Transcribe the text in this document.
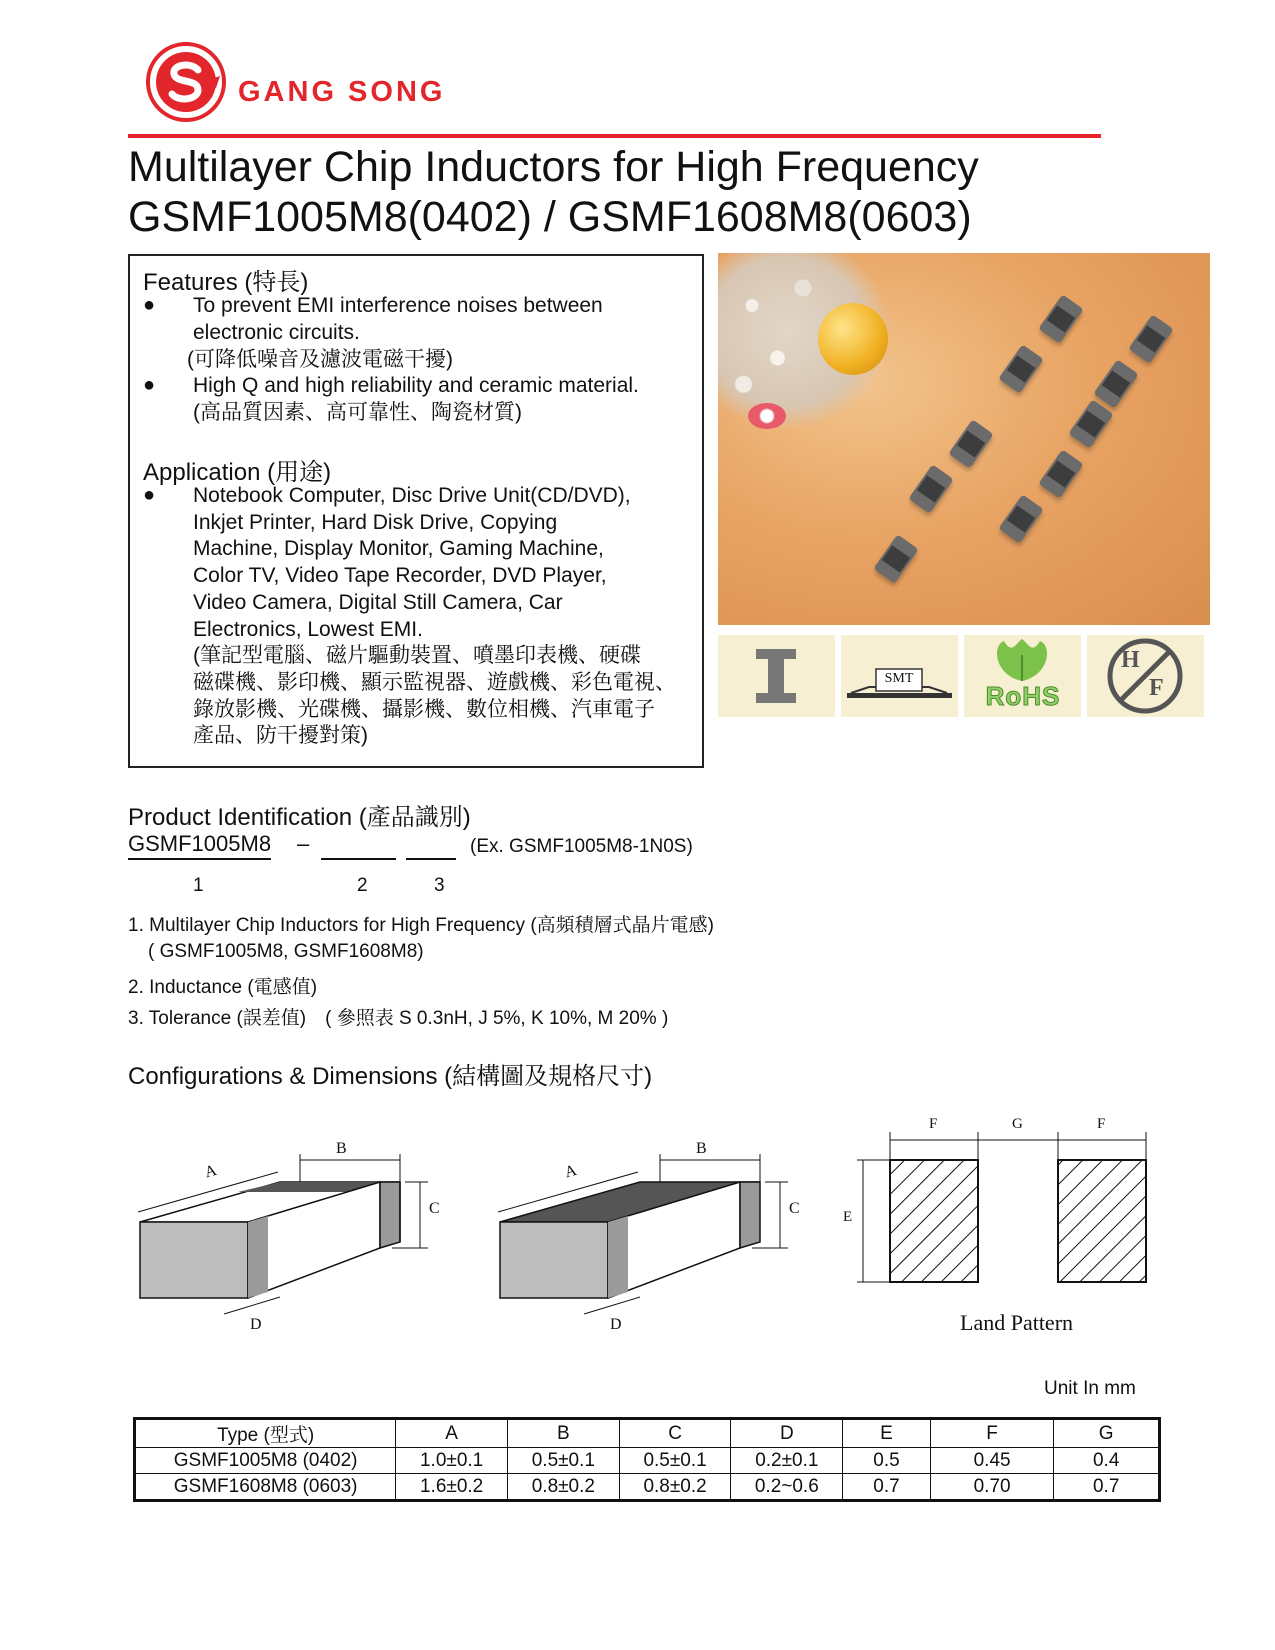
GANG SONG
Multilayer Chip Inductors for High Frequency
GSMF1005M8(0402) / GSMF1608M8(0603)
Features (特長)
● To prevent EMI interference noises between
electronic circuits.
(可降低噪音及濾波電磁干擾)
● High Q and high reliability and ceramic material.
(高品質因素、高可靠性、陶瓷材質)
Application (用途)
● Notebook Computer, Disc Drive Unit(CD/DVD),
Inkjet Printer, Hard Disk Drive, Copying
Machine, Display Monitor, Gaming Machine,
Color TV, Video Tape Recorder, DVD Player,
Video Camera, Digital Still Camera, Car
Electronics, Lowest EMI.
(筆記型電腦、磁片驅動裝置、噴墨印表機、硬碟
磁碟機、影印機、顯示監視器、遊戲機、彩色電視、
錄放影機、光碟機、攝影機、數位相機、汽車電子
產品、防干擾對策)
SMT
RoHS
H
F
Product Identification (產品識別)
GSMF1005M8 –	(Ex. GSMF1005M8-1N0S)
1	2	3
1. Multilayer Chip Inductors for High Frequency (高頻積層式晶片電感)
( GSMF1005M8, GSMF1608M8)
2. Inductance (電感值)
3. Tolerance (誤差值)　( 參照表 S 0.3nH, J 5%, K 10%, M 20% )
Configurations & Dimensions (結構圖及規格尺寸)
A
B
C
D
A
B
C
D
F	G	F
E
Land Pattern
Unit In mm
Type (型式)	A	B	C	D	E	F	G
GSMF1005M8 (0402)	1.0±0.1	0.5±0.1	0.5±0.1	0.2±0.1	0.5	0.45	0.4
GSMF1608M8 (0603)	1.6±0.2	0.8±0.2	0.8±0.2	0.2~0.6	0.7	0.70	0.7
